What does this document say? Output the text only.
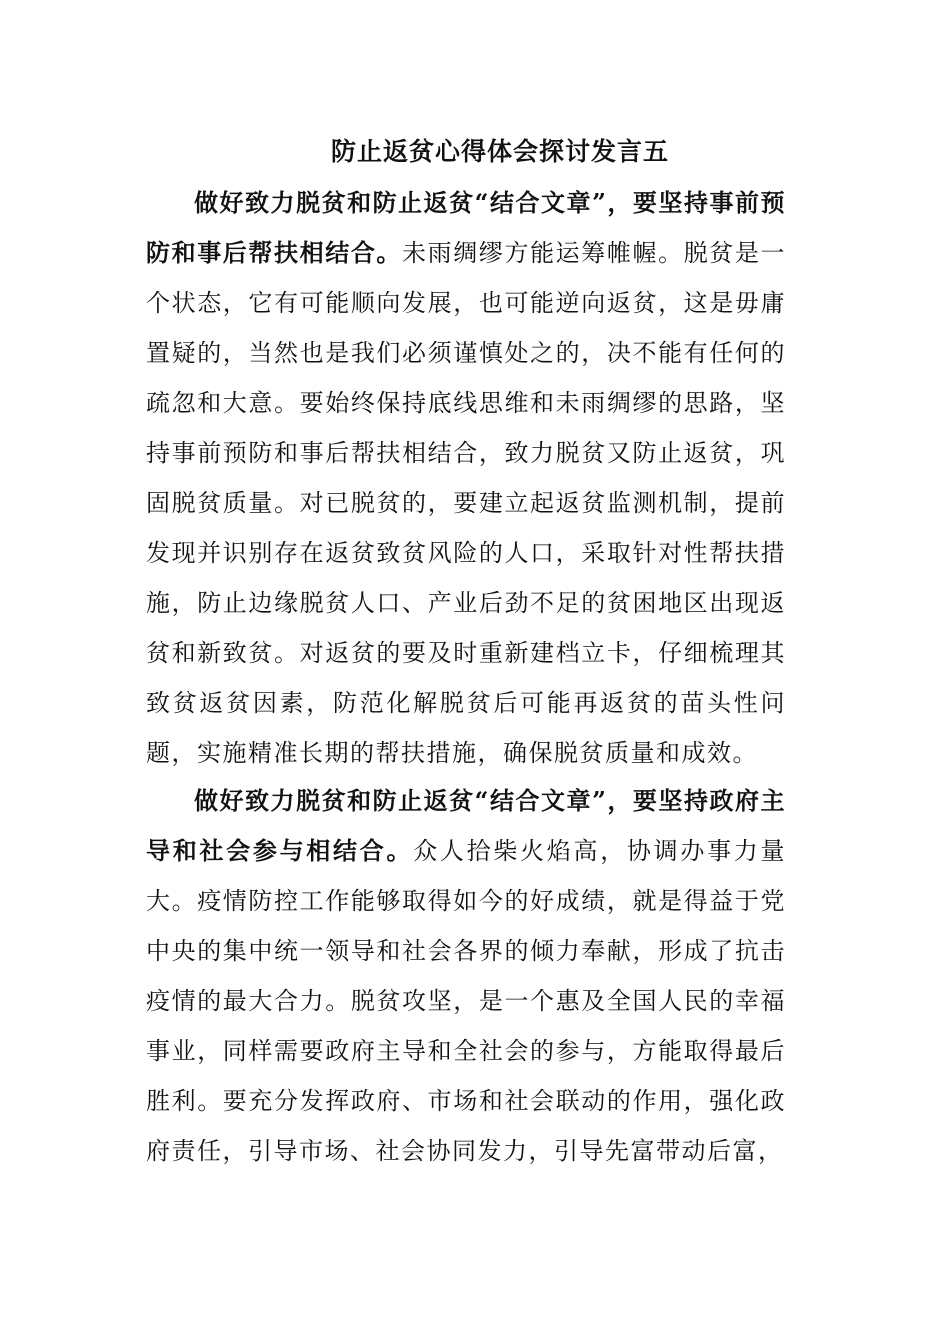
防止返贫心得体会探讨发言五

做好致力脱贫和防止返贫“结合文章”，要坚持事前预防和事后帮扶相结合。未雨绸缪方能运筹帷幄。脱贫是一个状态，它有可能顺向发展，也可能逆向返贫，这是毋庸置疑的，当然也是我们必须谨慎处之的，决不能有任何的疏忽和大意。要始终保持底线思维和未雨绸缪的思路，坚持事前预防和事后帮扶相结合，致力脱贫又防止返贫，巩固脱贫质量。对已脱贫的，要建立起返贫监测机制，提前发现并识别存在返贫致贫风险的人口，采取针对性帮扶措施，防止边缘脱贫人口、产业后劲不足的贫困地区出现返贫和新致贫。对返贫的要及时重新建档立卡，仔细梳理其致贫返贫因素，防范化解脱贫后可能再返贫的苗头性问题，实施精准长期的帮扶措施，确保脱贫质量和成效。

做好致力脱贫和防止返贫“结合文章”，要坚持政府主导和社会参与相结合。众人拾柴火焰高，协调办事力量大。疫情防控工作能够取得如今的好成绩，就是得益于党中央的集中统一领导和社会各界的倾力奉献，形成了抗击疫情的最大合力。脱贫攻坚，是一个惠及全国人民的幸福事业，同样需要政府主导和全社会的参与，方能取得最后胜利。要充分发挥政府、市场和社会联动的作用，强化政府责任，引导市场、社会协同发力，引导先富带动后富，
